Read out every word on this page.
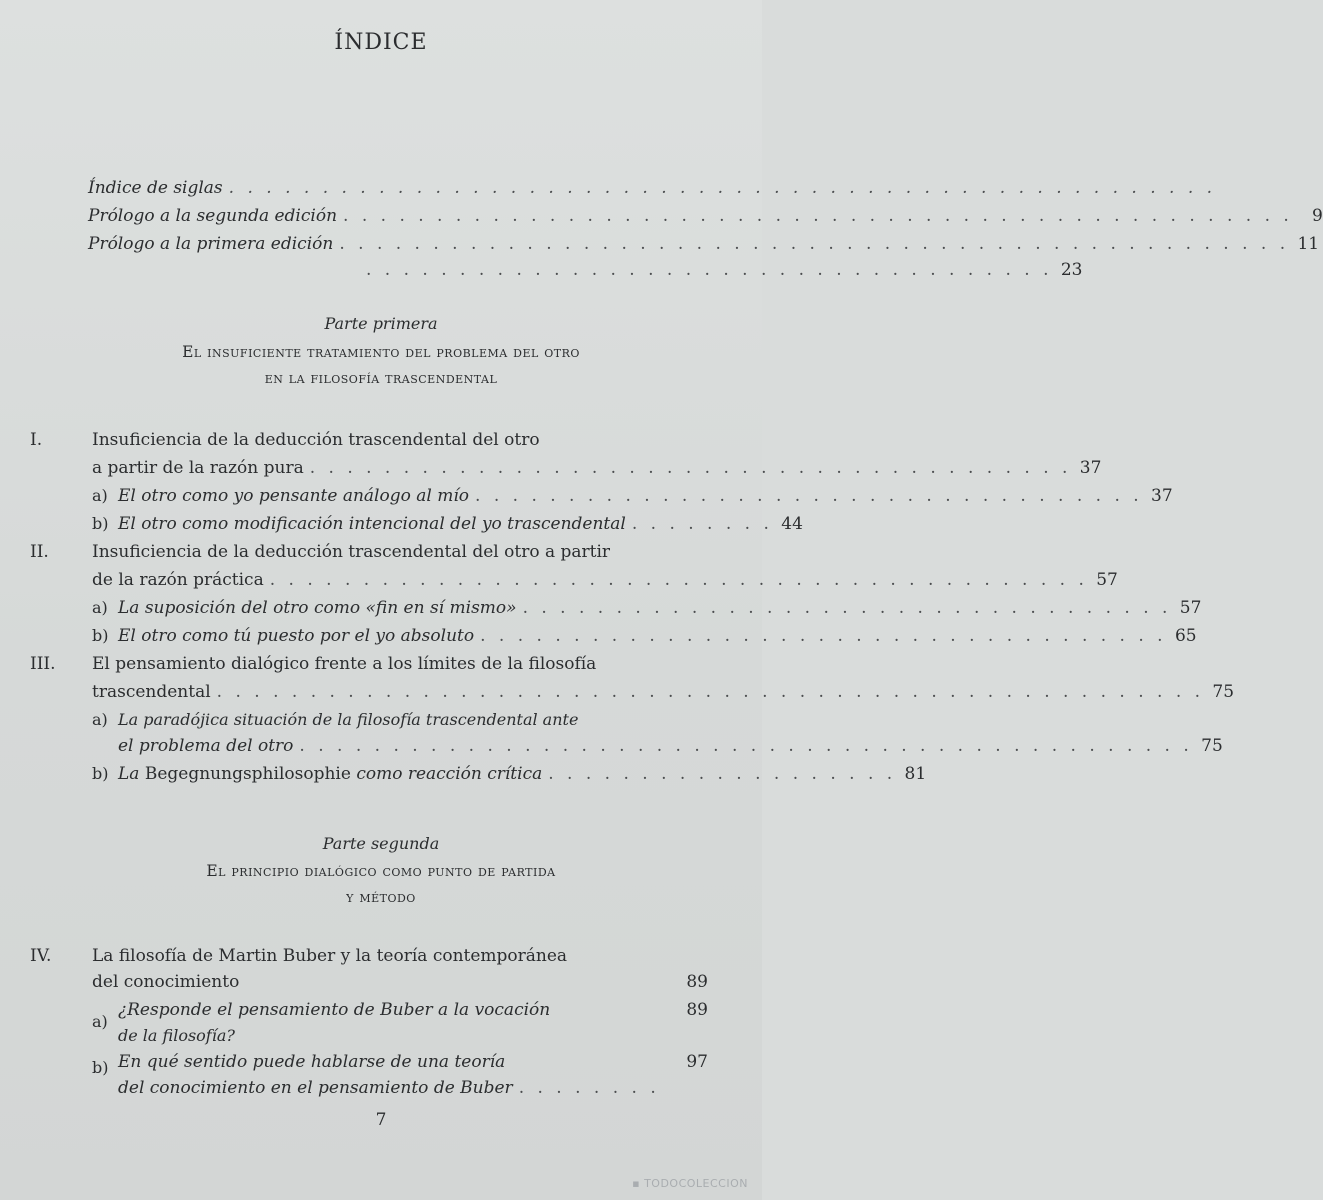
ÍNDICE
Índice de siglas . . . . . . . . . . . . . . . . . . . . . . . . . . . . . . . . . . . . . . . . . . . . . . . . . . . . .
Prólogo a la segunda edición . . . . . . . . . . . . . . . . . . . . . . . . . . . . . . . . . . . . . . . . . . . . . . . . . . .	9
Prólogo a la primera edición . . . . . . . . . . . . . . . . . . . . . . . . . . . . . . . . . . . . . . . . . . . . . . . . . . . 11
. . . . . . . . . . . . . . . . . . . . . . . . . . . . . . . . . . . . . 23
Parte primera
El insuficiente tratamiento del problema del otro
en la filosofía trascendental
I.	Insuficiencia de la deducción trascendental del otro
a partir de la razón pura . . . . . . . . . . . . . . . . . . . . . . . . . . . . . . . . . . . . . . . . . 37
a) El otro como yo pensante análogo al mío . . . . . . . . . . . . . . . . . . . . . . . . . . . . . . . . . . . . 37
b) El otro como modificación intencional del yo trascendental . . . . . . . . 44
II.	Insuficiencia de la deducción trascendental del otro a partir
de la razón práctica . . . . . . . . . . . . . . . . . . . . . . . . . . . . . . . . . . . . . . . . . . . . 57
a) La suposición del otro como «fin en sí mismo» . . . . . . . . . . . . . . . . . . . . . . . . . . . . . . . . . . . 57
b) El otro como tú puesto por el yo absoluto . . . . . . . . . . . . . . . . . . . . . . . . . . . . . . . . . . . . . 65
III. El pensamiento dialógico frente a los límites de la filosofía
trascendental . . . . . . . . . . . . . . . . . . . . . . . . . . . . . . . . . . . . . . . . . . . . . . . . . . . . . 75
a) La paradójica situación de la filosofía trascendental ante
el problema del otro . . . . . . . . . . . . . . . . . . . . . . . . . . . . . . . . . . . . . . . . . . . . . . . . 75
b) La Begegnungsphilosophie como reacción crítica . . . . . . . . . . . . . . . . . . . 81
Parte segunda
El principio dialógico como punto de partida
y método
IV. La filosofía de Martin Buber y la teoría contemporánea
del conocimiento	89
a)
¿Responde el pensamiento de Buber a la vocación	89
de la filosofía?
b) En qué sentido puede hablarse de una teoría	97
del conocimiento en el pensamiento de Buber . . . . . . . .
7
▪ TODOCOLECCION
